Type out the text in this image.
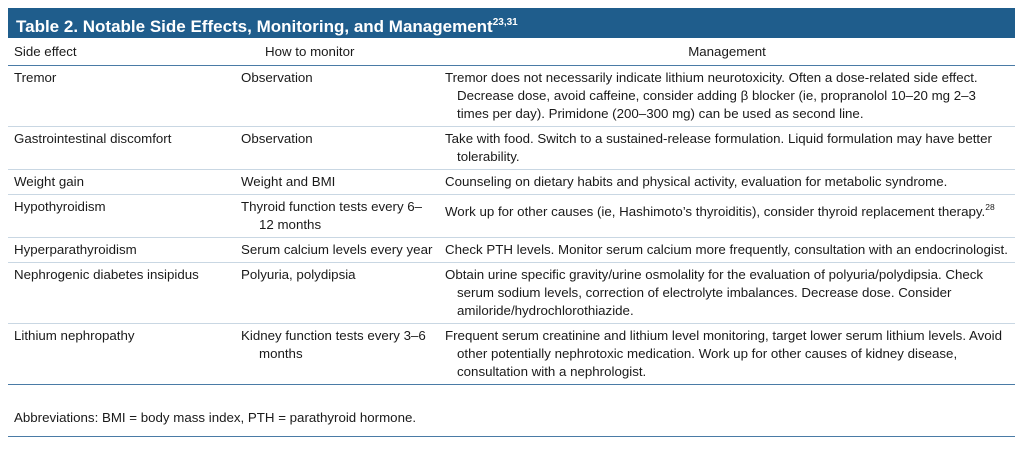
Table 2. Notable Side Effects, Monitoring, and Management$^{23,31}$
Side effect	How to monitor	Management
Tremor	Observation	Tremor does not necessarily indicate lithium neurotoxicity. Often a dose-related side effect. Decrease dose, avoid caffeine, consider adding β blocker (ie, propranolol 10–20 mg 2–3 times per day). Primidone (200–300 mg) can be used as second line.
Gastrointestinal discomfort	Observation	Take with food. Switch to a sustained-release formulation. Liquid formulation may have better tolerability.
Weight gain	Weight and BMI	Counseling on dietary habits and physical activity, evaluation for metabolic syndrome.
Hypothyroidism	Thyroid function tests every 6–12 months	Work up for other causes (ie, Hashimoto’s thyroiditis), consider thyroid replacement therapy.$^{28}$
Hyperparathyroidism	Serum calcium levels every year	Check PTH levels. Monitor serum calcium more frequently, consultation with an endocrinologist.
Nephrogenic diabetes insipidus	Polyuria, polydipsia	Obtain urine specific gravity/urine osmolality for the evaluation of polyuria/polydipsia. Check serum sodium levels, correction of electrolyte imbalances. Decrease dose. Consider amiloride/hydrochlorothiazide.
Lithium nephropathy	Kidney function tests every 3–6 months	Frequent serum creatinine and lithium level monitoring, target lower serum lithium levels. Avoid other potentially nephrotoxic medication. Work up for other causes of kidney disease, consultation with a nephrologist.
Abbreviations: BMI = body mass index, PTH = parathyroid hormone.
